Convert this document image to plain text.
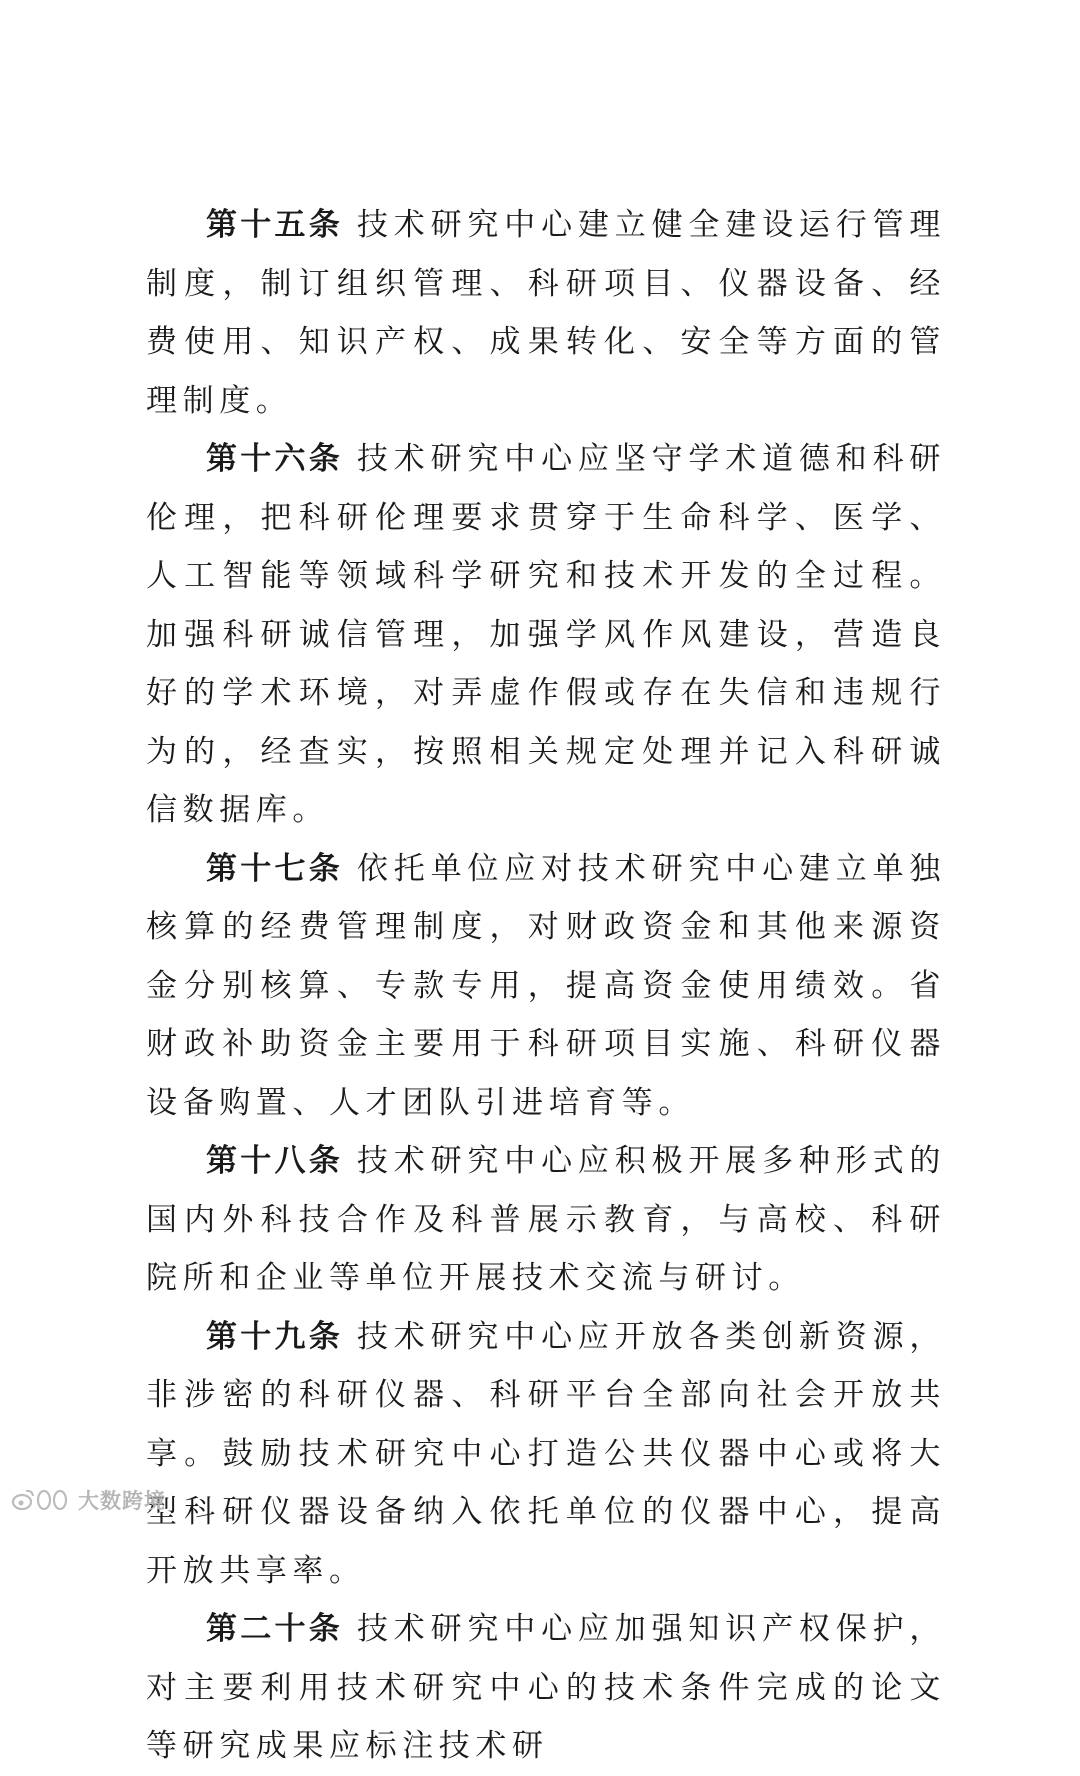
第十五条 技术研究中心建立健全建设运行管理制度，制订组织管理、科研项目、仪器设备、经费使用、知识产权、成果转化、安全等方面的管理制度。

第十六条 技术研究中心应坚守学术道德和科研伦理，把科研伦理要求贯穿于生命科学、医学、人工智能等领域科学研究和技术开发的全过程。加强科研诚信管理，加强学风作风建设，营造良好的学术环境，对弄虚作假或存在失信和违规行为的，经查实，按照相关规定处理并记入科研诚信数据库。

第十七条 依托单位应对技术研究中心建立单独核算的经费管理制度，对财政资金和其他来源资金分别核算、专款专用，提高资金使用绩效。省财政补助资金主要用于科研项目实施、科研仪器设备购置、人才团队引进培育等。

第十八条 技术研究中心应积极开展多种形式的国内外科技合作及科普展示教育，与高校、科研院所和企业等单位开展技术交流与研讨。

第十九条 技术研究中心应开放各类创新资源，非涉密的科研仪器、科研平台全部向社会开放共享。鼓励技术研究中心打造公共仪器中心或将大型科研仪器设备纳入依托单位的仪器中心，提高开放共享率。

第二十条 技术研究中心应加强知识产权保护，对主要利用技术研究中心的技术条件完成的论文等研究成果应标注技术研

大数跨境
